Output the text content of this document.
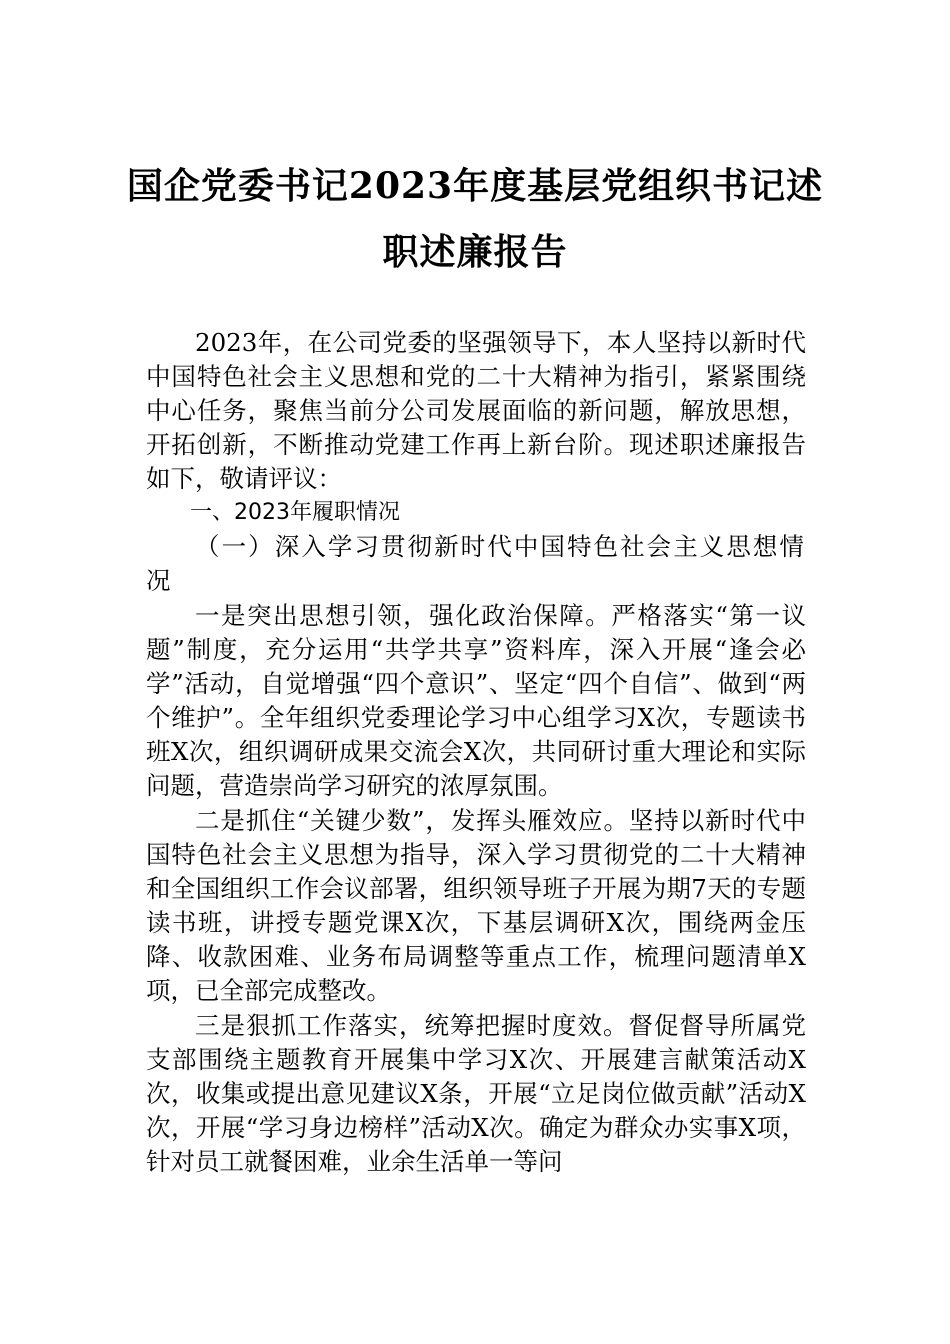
国企党委书记2023年度基层党组织书记述
职述廉报告

2023年，在公司党委的坚强领导下，本人坚持以新时代中国特色社会主义思想和党的二十大精神为指引，紧紧围绕中心任务，聚焦当前分公司发展面临的新问题，解放思想，开拓创新，不断推动党建工作再上新台阶。现述职述廉报告如下，敬请评议：

一、2023年履职情况

（一）深入学习贯彻新时代中国特色社会主义思想情况

一是突出思想引领，强化政治保障。严格落实“第一议题”制度，充分运用“共学共享”资料库，深入开展“逢会必学”活动，自觉增强“四个意识”、坚定“四个自信”、做到“两个维护”。全年组织党委理论学习中心组学习X次，专题读书班X次，组织调研成果交流会X次，共同研讨重大理论和实际问题，营造崇尚学习研究的浓厚氛围。

二是抓住“关键少数”，发挥头雁效应。坚持以新时代中国特色社会主义思想为指导，深入学习贯彻党的二十大精神和全国组织工作会议部署，组织领导班子开展为期7天的专题读书班，讲授专题党课X次，下基层调研X次，围绕两金压降、收款困难、业务布局调整等重点工作，梳理问题清单X项，已全部完成整改。

三是狠抓工作落实，统筹把握时度效。督促督导所属党支部围绕主题教育开展集中学习X次、开展建言献策活动X次，收集或提出意见建议X条，开展“立足岗位做贡献”活动X次，开展“学习身边榜样”活动X次。确定为群众办实事X项，针对员工就餐困难，业余生活单一等问
